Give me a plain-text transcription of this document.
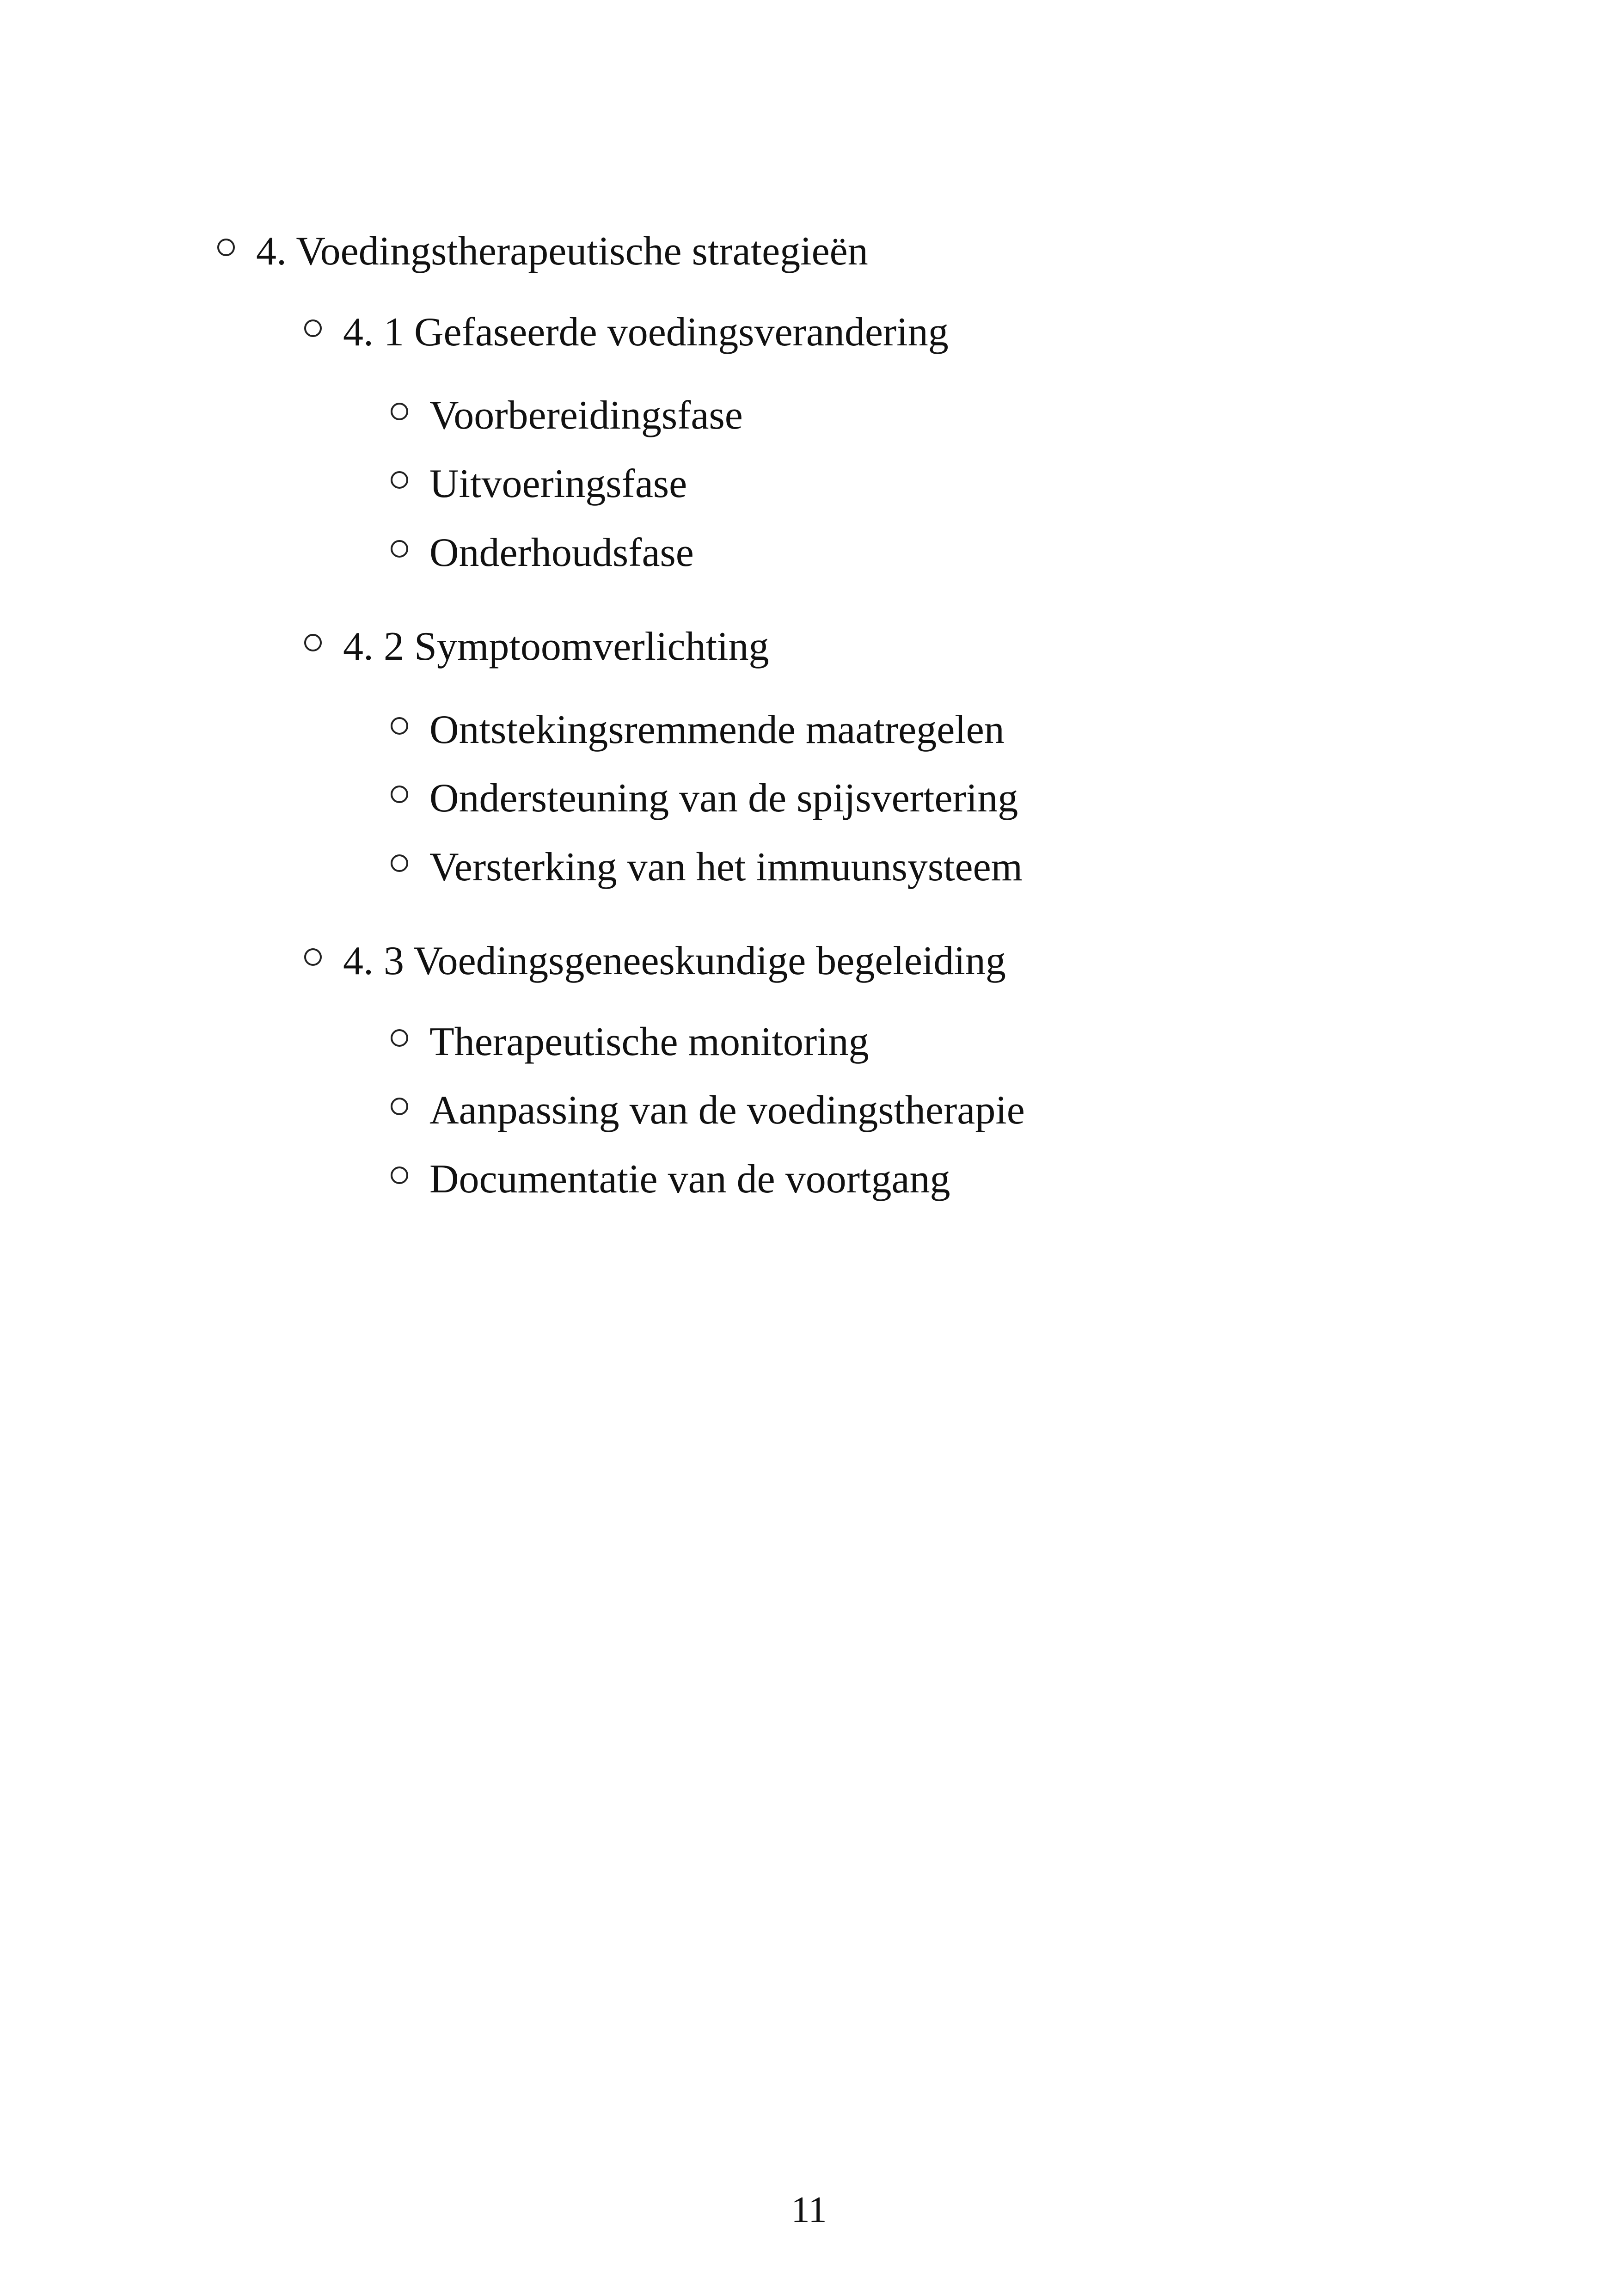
4. Voedingstherapeutische strategieën
4. 1 Gefaseerde voedingsverandering
Voorbereidingsfase
Uitvoeringsfase
Onderhoudsfase
4. 2 Symptoomverlichting
Ontstekingsremmende maatregelen
Ondersteuning van de spijsvertering
Versterking van het immuunsysteem
4. 3 Voedingsgeneeskundige begeleiding
Therapeutische monitoring
Aanpassing van de voedingstherapie
Documentatie van de voortgang
11
